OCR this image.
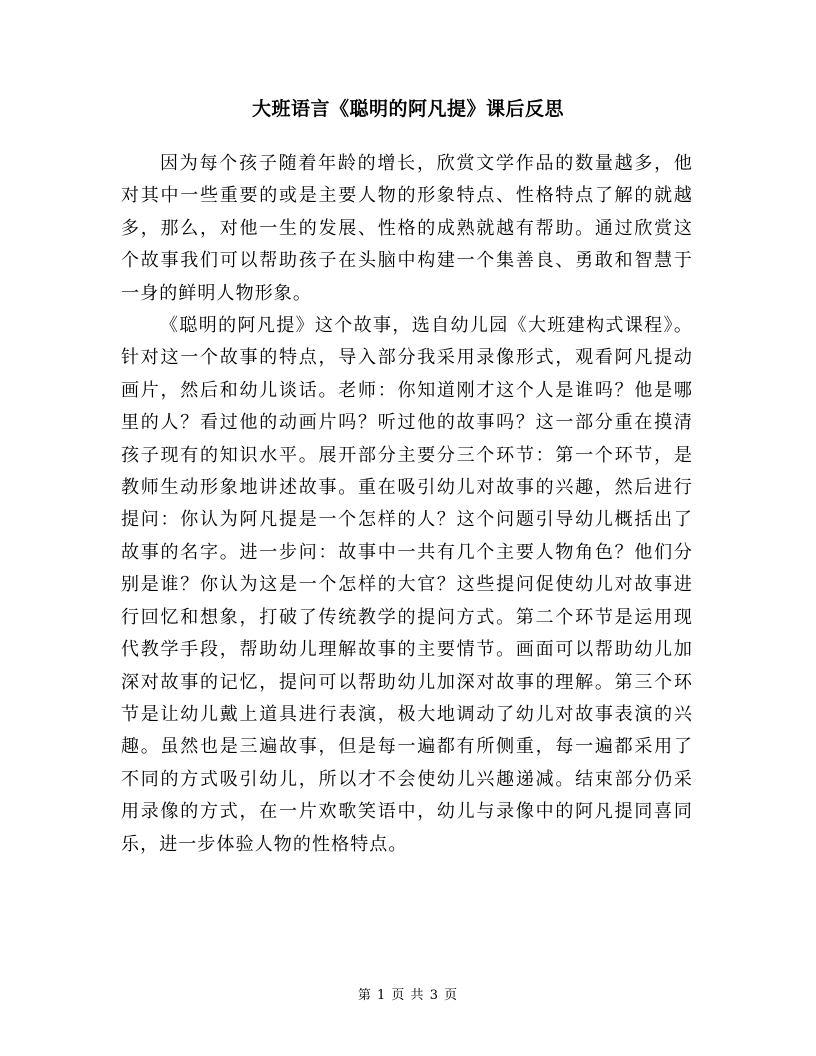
大班语言《聪明的阿凡提》课后反思

因为每个孩子随着年龄的增长，欣赏文学作品的数量越多，他对其中一些重要的或是主要人物的形象特点、性格特点了解的就越多，那么，对他一生的发展、性格的成熟就越有帮助。通过欣赏这个故事我们可以帮助孩子在头脑中构建一个集善良、勇敢和智慧于一身的鲜明人物形象。

《聪明的阿凡提》这个故事，选自幼儿园《大班建构式课程》。针对这一个故事的特点，导入部分我采用录像形式，观看阿凡提动画片，然后和幼儿谈话。老师：你知道刚才这个人是谁吗？他是哪里的人？看过他的动画片吗？听过他的故事吗？这一部分重在摸清孩子现有的知识水平。展开部分主要分三个环节：第一个环节，是教师生动形象地讲述故事。重在吸引幼儿对故事的兴趣，然后进行提问：你认为阿凡提是一个怎样的人？这个问题引导幼儿概括出了故事的名字。进一步问：故事中一共有几个主要人物角色？他们分别是谁？你认为这是一个怎样的大官？这些提问促使幼儿对故事进行回忆和想象，打破了传统教学的提问方式。第二个环节是运用现代教学手段，帮助幼儿理解故事的主要情节。画面可以帮助幼儿加深对故事的记忆，提问可以帮助幼儿加深对故事的理解。第三个环节是让幼儿戴上道具进行表演，极大地调动了幼儿对故事表演的兴趣。虽然也是三遍故事，但是每一遍都有所侧重，每一遍都采用了不同的方式吸引幼儿，所以才不会使幼儿兴趣递减。结束部分仍采用录像的方式，在一片欢歌笑语中，幼儿与录像中的阿凡提同喜同乐，进一步体验人物的性格特点。

第 1 页 共 3 页
